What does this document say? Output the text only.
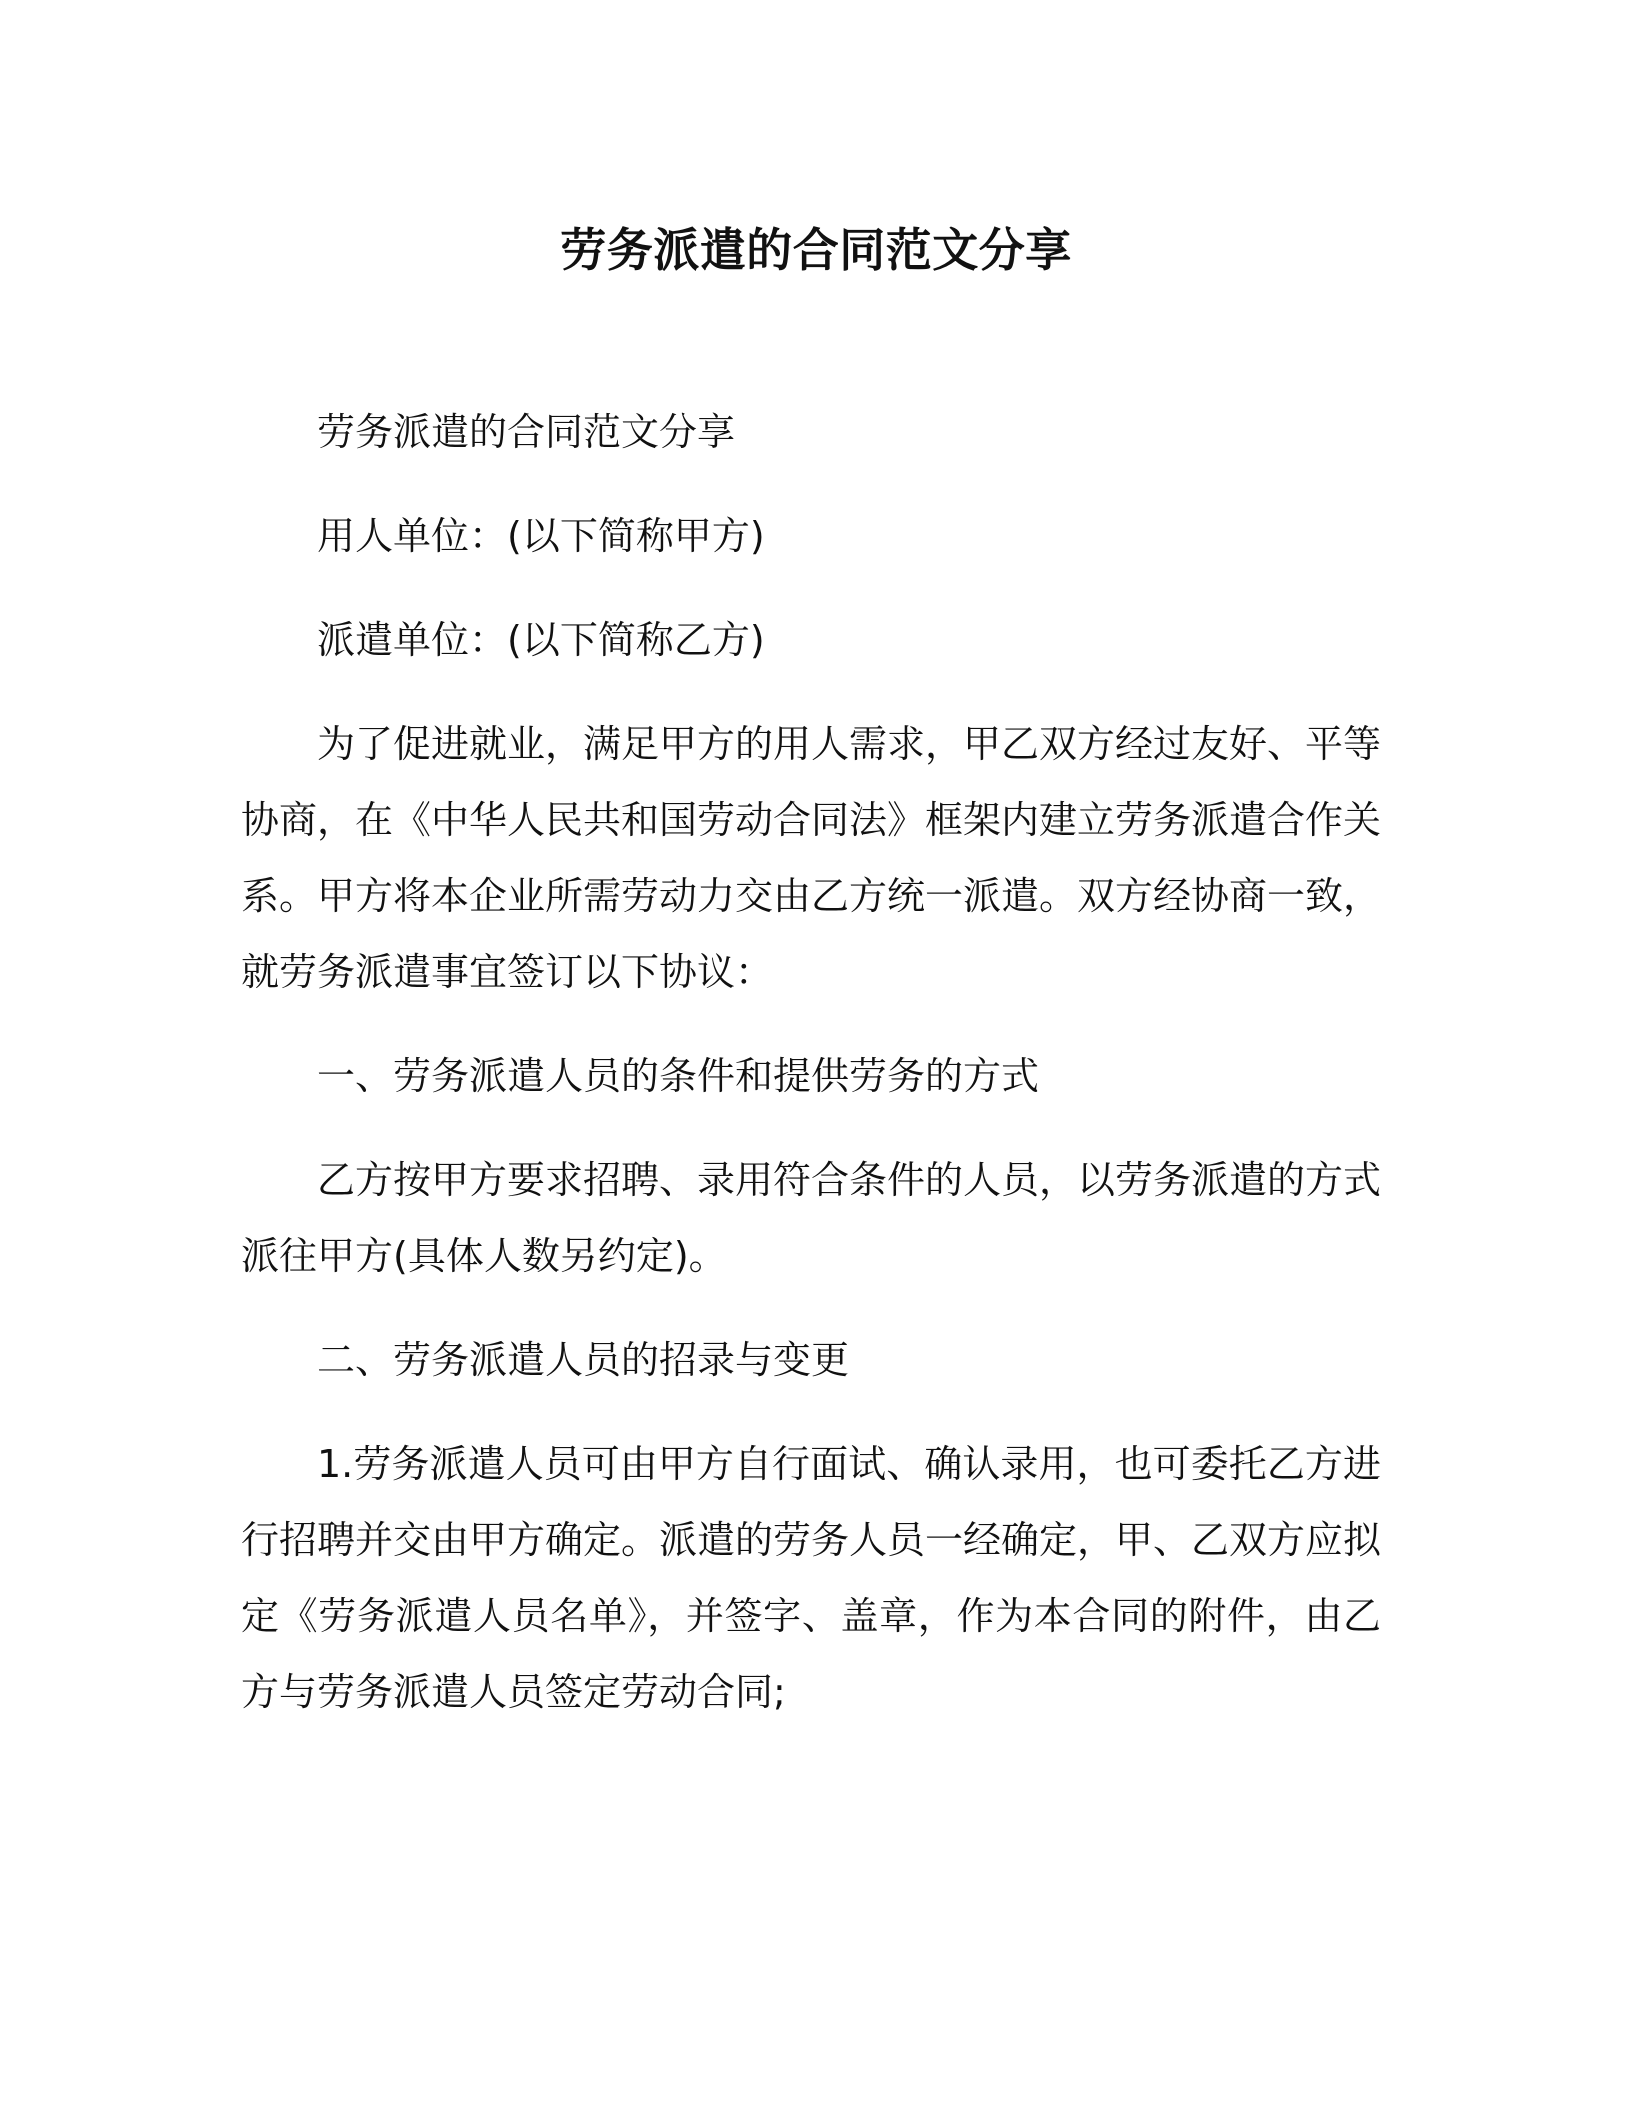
劳务派遣的合同范文分享

劳务派遣的合同范文分享

用人单位：(以下简称甲方)

派遣单位：(以下简称乙方)

为了促进就业，满足甲方的用人需求，甲乙双方经过友好、平等协商，在《中华人民共和国劳动合同法》框架内建立劳务派遣合作关系。甲方将本企业所需劳动力交由乙方统一派遣。双方经协商一致，就劳务派遣事宜签订以下协议：

一、劳务派遣人员的条件和提供劳务的方式

乙方按甲方要求招聘、录用符合条件的人员，以劳务派遣的方式派往甲方(具体人数另约定)。

二、劳务派遣人员的招录与变更

1.劳务派遣人员可由甲方自行面试、确认录用，也可委托乙方进行招聘并交由甲方确定。派遣的劳务人员一经确定，甲、乙双方应拟定《劳务派遣人员名单》，并签字、盖章，作为本合同的附件，由乙方与劳务派遣人员签定劳动合同;
